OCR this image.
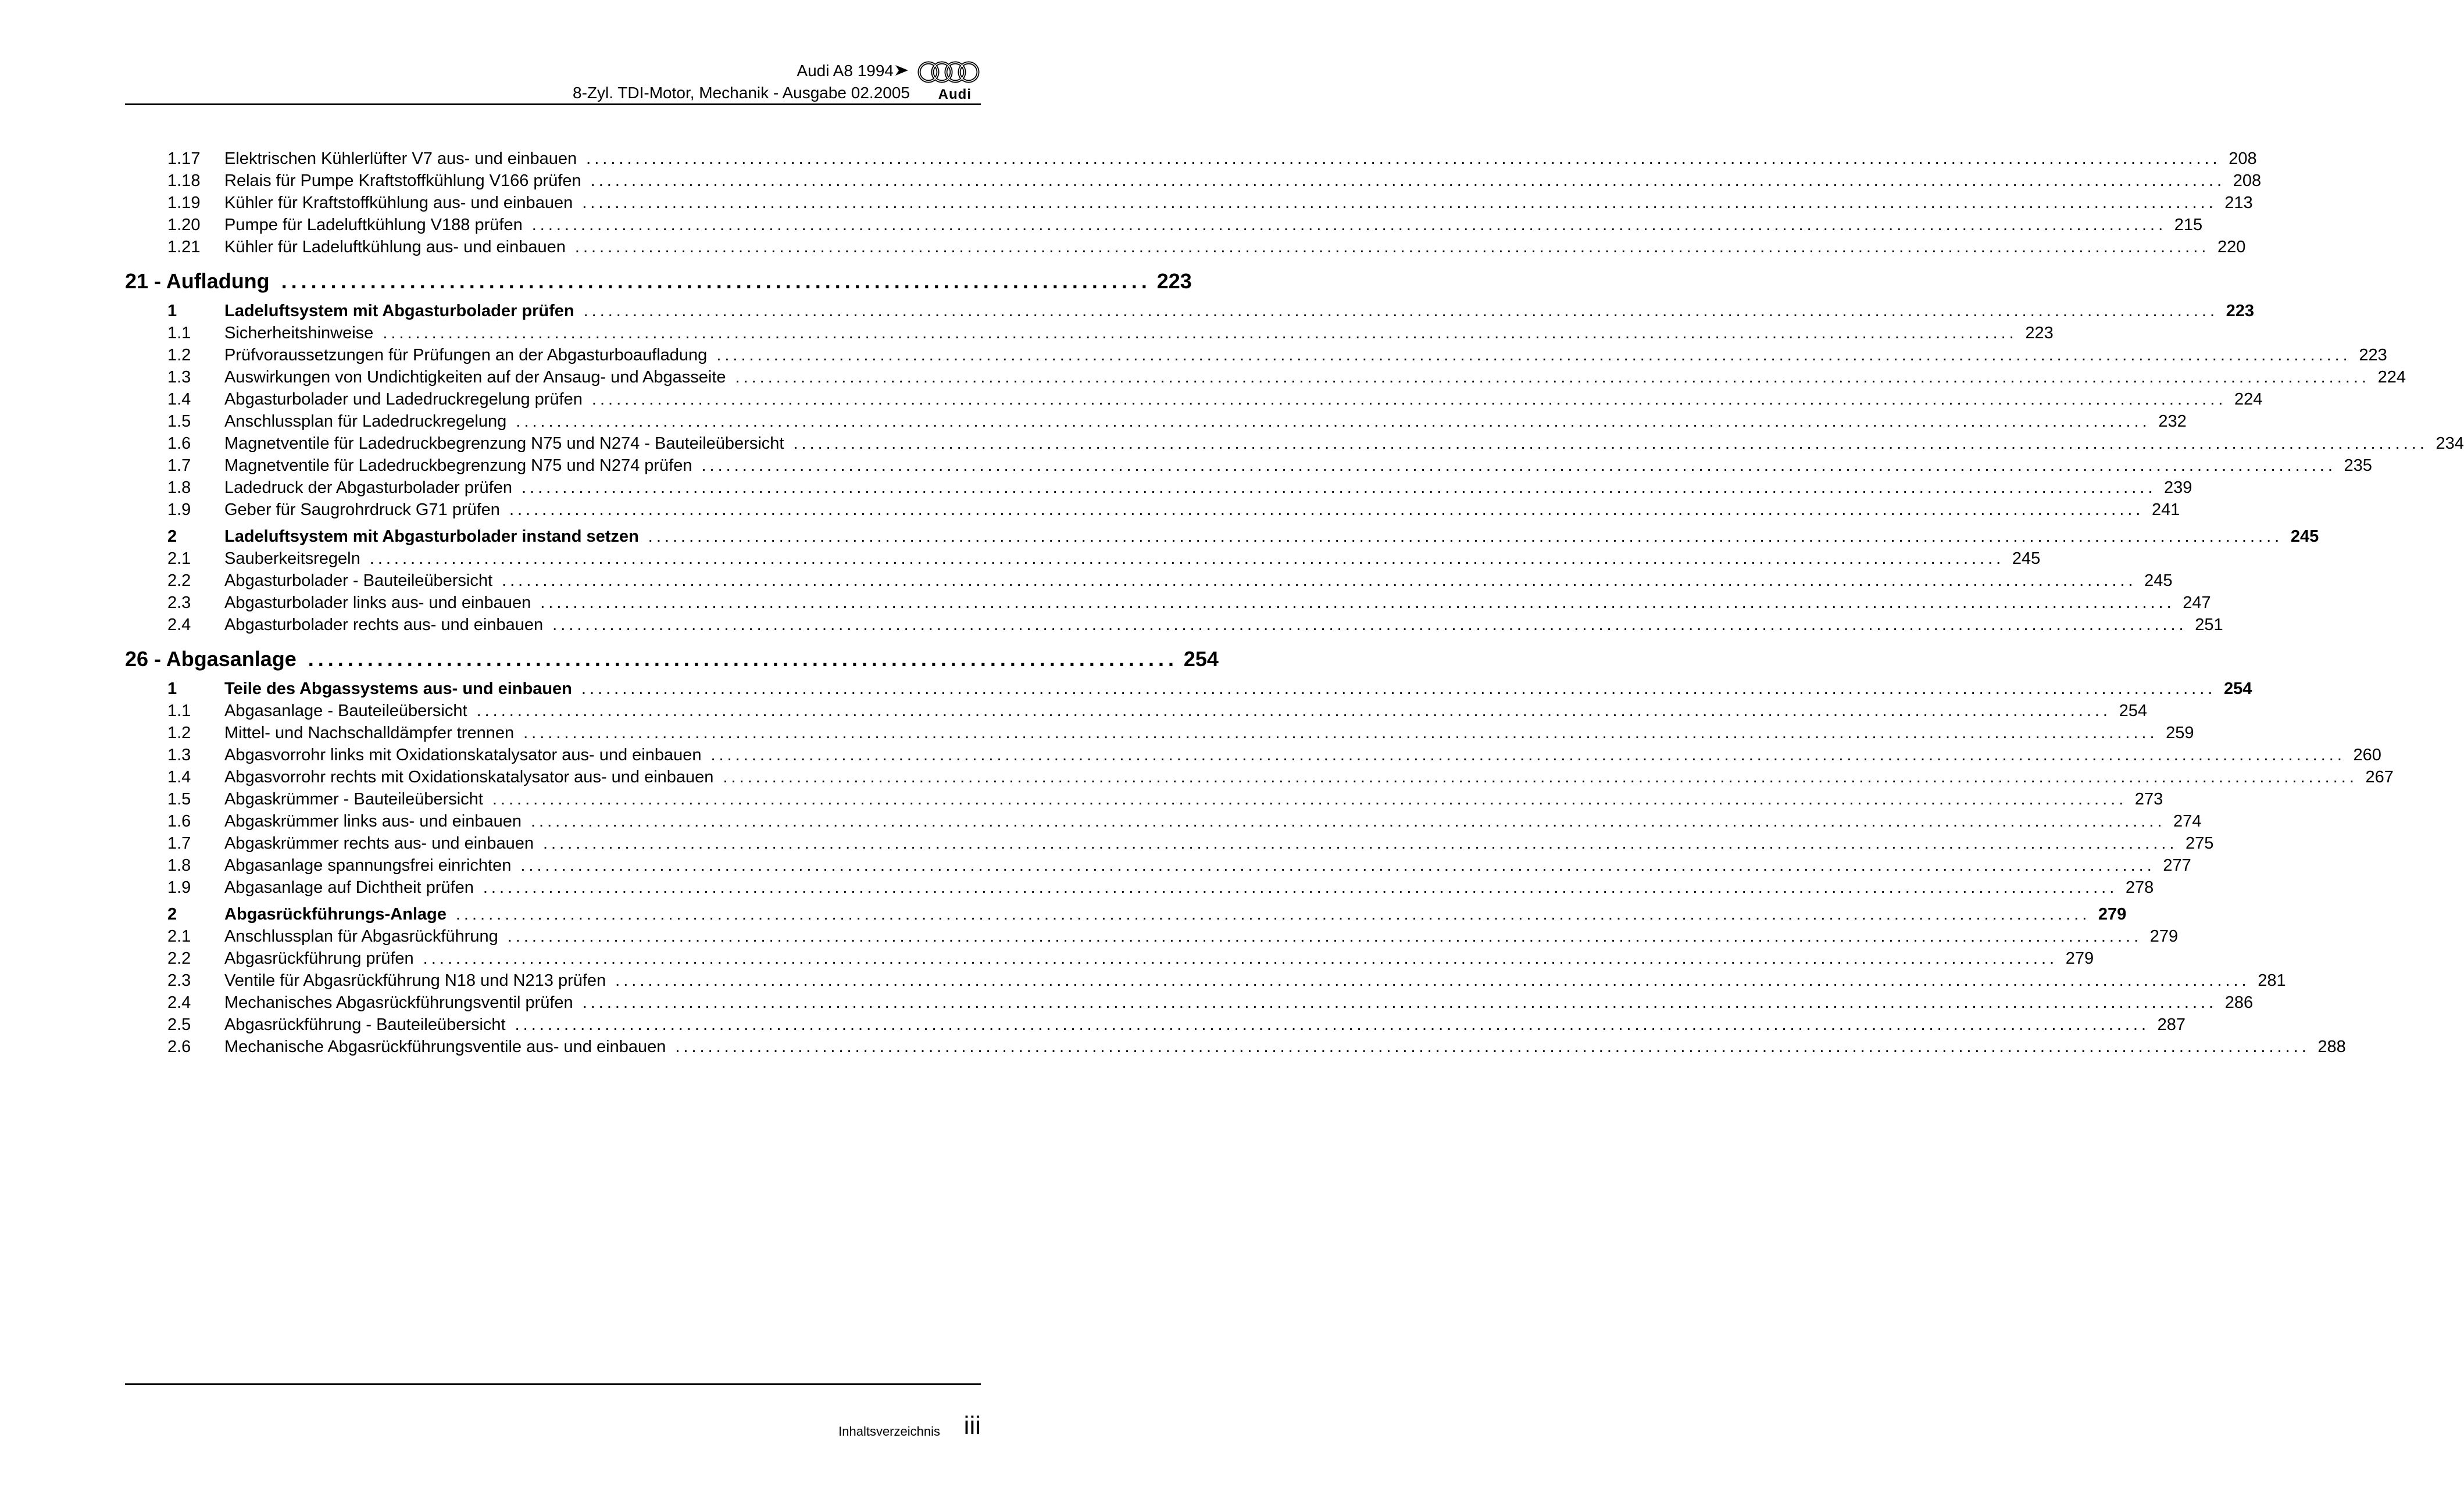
Audi A8 1994
8-Zyl. TDI-Motor, Mechanik - Ausgabe 02.2005 Audi
1.17	Elektrischen Kühlerlüfter V7 aus- und einbauen ........................................................................................................................................................................................................ 208
1.18	Relais für Pumpe Kraftstoffkühlung V166 prüfen ........................................................................................................................................................................................................ 208
1.19	Kühler für Kraftstoffkühlung aus- und einbauen ........................................................................................................................................................................................................ 213
1.20	Pumpe für Ladeluftkühlung V188 prüfen ........................................................................................................................................................................................................ 215
1.21	Kühler für Ladeluftkühlung aus- und einbauen ........................................................................................................................................................................................................ 220
21 - Aufladung ........................................................................................ 223
1	Ladeluftsystem mit Abgasturbolader prüfen ........................................................................................................................................................................................................ 223
1.1	Sicherheitshinweise ........................................................................................................................................................................................................ 223
1.2	Prüfvoraussetzungen für Prüfungen an der Abgasturboaufladung ........................................................................................................................................................................................................ 223
1.3	Auswirkungen von Undichtigkeiten auf der Ansaug- und Abgasseite ........................................................................................................................................................................................................ 224
1.4	Abgasturbolader und Ladedruckregelung prüfen ........................................................................................................................................................................................................ 224
1.5	Anschlussplan für Ladedruckregelung ........................................................................................................................................................................................................ 232
1.6	Magnetventile für Ladedruckbegrenzung N75 und N274 - Bauteileübersicht ........................................................................................................................................................................................................ 234
1.7	Magnetventile für Ladedruckbegrenzung N75 und N274 prüfen ........................................................................................................................................................................................................ 235
1.8	Ladedruck der Abgasturbolader prüfen ........................................................................................................................................................................................................ 239
1.9	Geber für Saugrohrdruck G71 prüfen ........................................................................................................................................................................................................ 241
2	Ladeluftsystem mit Abgasturbolader instand setzen ........................................................................................................................................................................................................ 245
2.1	Sauberkeitsregeln ........................................................................................................................................................................................................ 245
2.2	Abgasturbolader - Bauteileübersicht ........................................................................................................................................................................................................ 245
2.3	Abgasturbolader links aus- und einbauen ........................................................................................................................................................................................................ 247
2.4	Abgasturbolader rechts aus- und einbauen ........................................................................................................................................................................................................ 251
26 - Abgasanlage ........................................................................................ 254
1	Teile des Abgassystems aus- und einbauen ........................................................................................................................................................................................................ 254
1.1	Abgasanlage - Bauteileübersicht ........................................................................................................................................................................................................ 254
1.2	Mittel- und Nachschalldämpfer trennen ........................................................................................................................................................................................................ 259
1.3	Abgasvorrohr links mit Oxidationskatalysator aus- und einbauen ........................................................................................................................................................................................................ 260
1.4	Abgasvorrohr rechts mit Oxidationskatalysator aus- und einbauen ........................................................................................................................................................................................................ 267
1.5	Abgaskrümmer - Bauteileübersicht ........................................................................................................................................................................................................ 273
1.6	Abgaskrümmer links aus- und einbauen ........................................................................................................................................................................................................ 274
1.7	Abgaskrümmer rechts aus- und einbauen ........................................................................................................................................................................................................ 275
1.8	Abgasanlage spannungsfrei einrichten ........................................................................................................................................................................................................ 277
1.9	Abgasanlage auf Dichtheit prüfen ........................................................................................................................................................................................................ 278
2	Abgasrückführungs-Anlage ........................................................................................................................................................................................................ 279
2.1	Anschlussplan für Abgasrückführung ........................................................................................................................................................................................................ 279
2.2	Abgasrückführung prüfen ........................................................................................................................................................................................................ 279
2.3	Ventile für Abgasrückführung N18 und N213 prüfen ........................................................................................................................................................................................................ 281
2.4	Mechanisches Abgasrückführungsventil prüfen ........................................................................................................................................................................................................ 286
2.5	Abgasrückführung - Bauteileübersicht ........................................................................................................................................................................................................ 287
2.6	Mechanische Abgasrückführungsventile aus- und einbauen ........................................................................................................................................................................................................ 288
Inhaltsverzeichnis iii
